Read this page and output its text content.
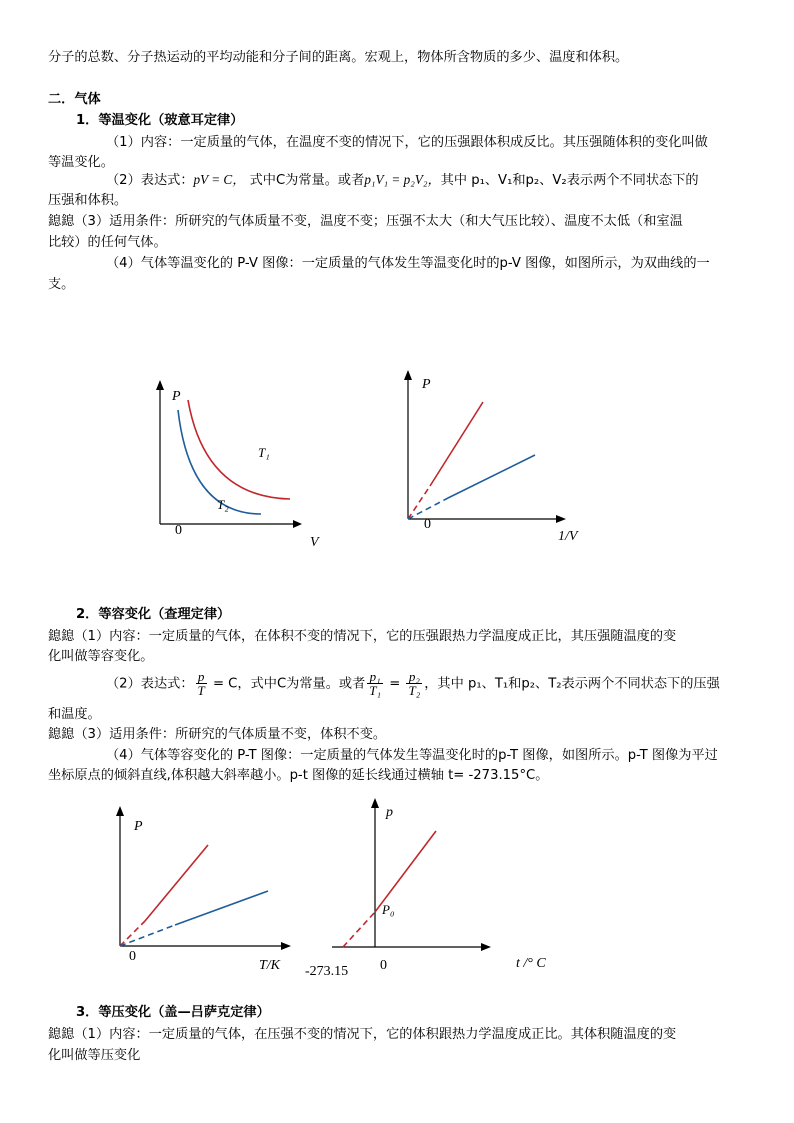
分子的总数、分子热运动的平均动能和分子间的距离。宏观上，物体所含物质的多少、温度和体积。
二．气体
1．等温变化（玻意耳定律）
（1）内容：一定质量的气体，在温度不变的情况下，它的压强跟体积成反比。其压强随体积的变化叫做
等温变化。
（2）表达式：pV = C， 式中C为常量。或者p₁V₁ = p₂V₂，其中 p₁、V₁和p₂、V₂表示两个不同状态下的
压强和体积。
鎴鎴（3）适用条件：所研究的气体质量不变，温度不变；压强不太大（和大气压比较）、温度不太低（和室温
比较）的任何气体。
（4）气体等温变化的 P-V 图像：一定质量的气体发生等温变化时的p-V 图像，如图所示，为双曲线的一
支。
P
V
0
T₁
T₂
P
1/V
0
2．等容变化（查理定律）
鎴鎴（1）内容：一定质量的气体，在体积不变的情况下，它的压强跟热力学温度成正比，其压强随温度的变
化叫做等容变化。
（2）表达式： $\frac{p}{T} = C$，式中C为常量。或者 $\frac{\text{p₁}}{\text{T₁}} = \frac{\text{p₂}}{\text{T₂}}$ ，其中 p₁、T₁和p₂、T₂表示两个不同状态下的压强
和温度。
鎴鎴（3）适用条件：所研究的气体质量不变，体积不变。
（4）气体等容变化的 P-T 图像：一定质量的气体发生等温变化时的p-T 图像，如图所示。p-T 图像为平过
坐标原点的倾斜直线,体积越大斜率越小。p-t 图像的延长线通过横轴 t= -273.15°C。
P
T/K
0
p
t /° C
0
P₀
-273.15
3．等压变化（盖—吕萨克定律）
鎴鎴（1）内容：一定质量的气体，在压强不变的情况下，它的体积跟热力学温度成正比。其体积随温度的变
化叫做等压变化
